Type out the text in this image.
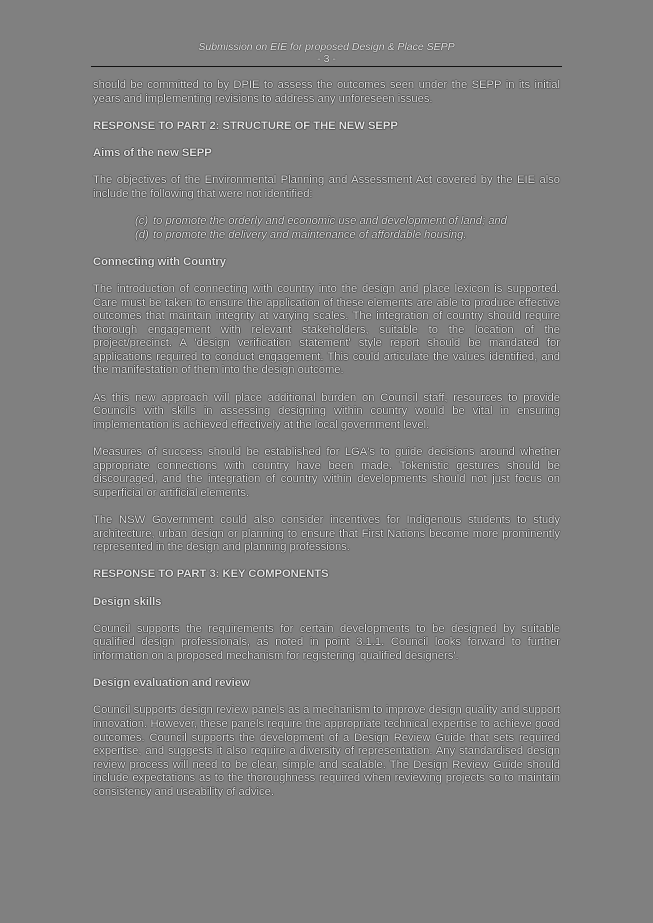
Submission on EIE for proposed Design & Place SEPP
- 3 -

should be committed to by DPIE to assess the outcomes seen under the SEPP in its initial years and implementing revisions to address any unforeseen issues.

RESPONSE TO PART 2: STRUCTURE OF THE NEW SEPP
Aims of the new SEPP

The objectives of the Environmental Planning and Assessment Act covered by the EIE also include the following that were not identified:

(c) to promote the orderly and economic use and development of land; and
(d) to promote the delivery and maintenance of affordable housing.
Connecting with Country

The introduction of connecting with country into the design and place lexicon is supported. Care must be taken to ensure the application of these elements are able to produce effective outcomes that maintain integrity at varying scales. The integration of country should require thorough engagement with relevant stakeholders, suitable to the location of the project/precinct. A 'design verification statement' style report should be mandated for applications required to conduct engagement. This could articulate the values identified, and the manifestation of them into the design outcome.

As this new approach will place additional burden on Council staff, resources to provide Councils with skills in assessing designing within country would be vital in ensuring implementation is achieved effectively at the local government level.

Measures of success should be established for LGA's to guide decisions around whether appropriate connections with country have been made. Tokenistic gestures should be discouraged, and the integration of country within developments should not just focus on superficial or artificial elements.

The NSW Government could also consider incentives for Indigenous students to study architecture, urban design or planning to ensure that First Nations become more prominently represented in the design and planning professions.

RESPONSE TO PART 3: KEY COMPONENTS
Design skills

Council supports the requirements for certain developments to be designed by suitable qualified design professionals, as noted in point 3.1.1. Council looks forward to further information on a proposed mechanism for registering 'qualified designers'.

Design evaluation and review

Council supports design review panels as a mechanism to improve design quality and support innovation. However, these panels require the appropriate technical expertise to achieve good outcomes. Council supports the development of a Design Review Guide that sets required expertise, and suggests it also require a diversity of representation. Any standardised design review process will need to be clear, simple and scalable. The Design Review Guide should include expectations as to the thoroughness required when reviewing projects so to maintain consistency and useability of advice.
